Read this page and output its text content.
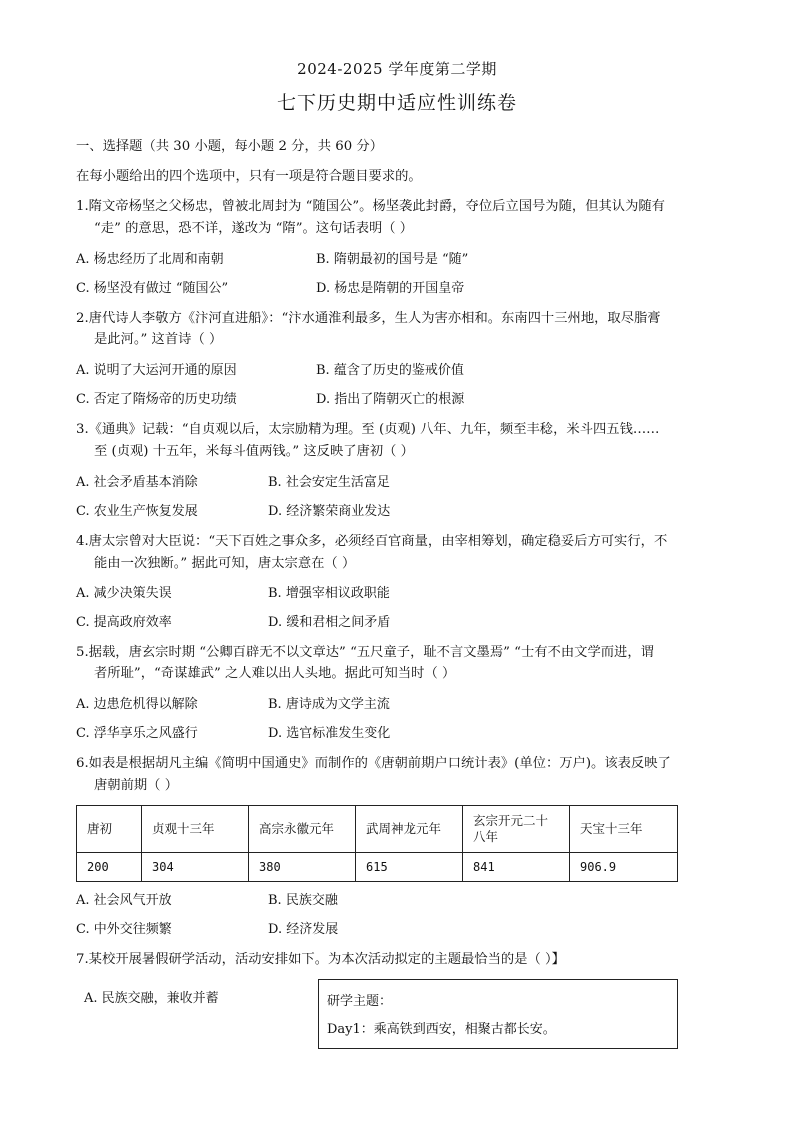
2024-2025 学年度第二学期
七下历史期中适应性训练卷
一、选择题（共 30 小题，每小题 2 分，共 60 分）
在每小题给出的四个选项中，只有一项是符合题目要求的。
1.隋文帝杨坚之父杨忠，曾被北周封为 “随国公”。杨坚袭此封爵，夺位后立国号为随，但其认为随有
“走” 的意思，恐不详，遂改为 “隋”。这句话表明（ ）
A. 杨忠经历了北周和南朝	B. 隋朝最初的国号是 “随”
C. 杨坚没有做过 “随国公”	D. 杨忠是隋朝的开国皇帝
2.唐代诗人李敬方《汴河直进船》：“汴水通淮利最多，生人为害亦相和。东南四十三州地，取尽脂膏
是此河。” 这首诗（ ）
A. 说明了大运河开通的原因	B. 蕴含了历史的鉴戒价值
C. 否定了隋炀帝的历史功绩	D. 指出了隋朝灭亡的根源
3.《通典》记载：“自贞观以后，太宗励精为理。至 (贞观) 八年、九年，频至丰稔，米斗四五钱……
至 (贞观) 十五年，米每斗值两钱。” 这反映了唐初（ ）
A. 社会矛盾基本消除	B. 社会安定生活富足
C. 农业生产恢复发展	D. 经济繁荣商业发达
4.唐太宗曾对大臣说：“天下百姓之事众多，必须经百官商量，由宰相筹划，确定稳妥后方可实行，不
能由一次独断。” 据此可知，唐太宗意在（ ）
A. 减少决策失误	B. 增强宰相议政职能
C. 提高政府效率	D. 缓和君相之间矛盾
5.据载，唐玄宗时期 “公卿百辟无不以文章达” “五尺童子，耻不言文墨焉” “士有不由文学而进，谓
者所耻”，“奇谋雄武” 之人难以出人头地。据此可知当时（ ）
A. 边患危机得以解除	B. 唐诗成为文学主流
C. 浮华享乐之风盛行	D. 选官标准发生变化
6.如表是根据胡凡主编《简明中国通史》而制作的《唐朝前期户口统计表》(单位：万户)。该表反映了
唐朝前期（ ）
唐初	贞观十三年	高宗永徽元年	武周神龙元年	玄宗开元二十八年	天宝十三年
200	304	380	615	841	906.9
A. 社会风气开放	B. 民族交融
C. 中外交往频繁	D. 经济发展
7.某校开展暑假研学活动，活动安排如下。为本次活动拟定的主题最恰当的是（ ）】
A. 民族交融，兼收并蓄	研学主题：
Day1：乘高铁到西安，相聚古都长安。
